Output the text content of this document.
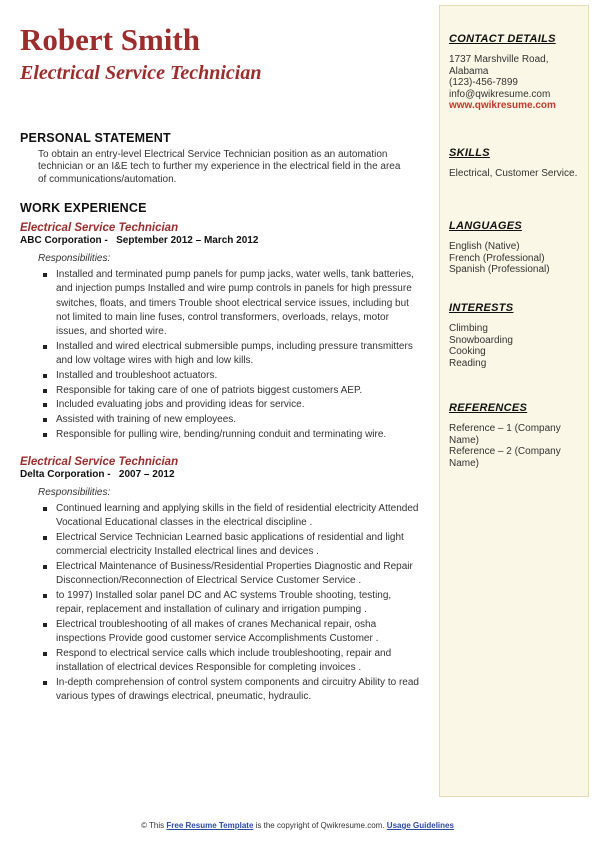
Robert Smith
Electrical Service Technician
PERSONAL STATEMENT

To obtain an entry-level Electrical Service Technician position as an automation technician or an I&E tech to further my experience in the electrical field in the area of communications/automation.

WORK EXPERIENCE
Electrical Service Technician
ABC Corporation - September 2012 – March 2012
Responsibilities:
Installed and terminated pump panels for pump jacks, water wells, tank batteries, and injection pumps Installed and wire pump controls in panels for high pressure switches, floats, and timers Trouble shoot electrical service issues, including but not limited to main line fuses, control transformers, overloads, relays, motor issues, and shorted wire.
Installed and wired electrical submersible pumps, including pressure transmitters and low voltage wires with high and low kills.
Installed and troubleshoot actuators.
Responsible for taking care of one of patriots biggest customers AEP.
Included evaluating jobs and providing ideas for service.
Assisted with training of new employees.
Responsible for pulling wire, bending/running conduit and terminating wire.
Electrical Service Technician
Delta Corporation - 2007 – 2012
Responsibilities:
Continued learning and applying skills in the field of residential electricity Attended Vocational Educational classes in the electrical discipline .
Electrical Service Technician Learned basic applications of residential and light commercial electricity Installed electrical lines and devices .
Electrical Maintenance of Business/Residential Properties Diagnostic and Repair Disconnection/Reconnection of Electrical Service Customer Service .
to 1997) Installed solar panel DC and AC systems Trouble shooting, testing, repair, replacement and installation of culinary and irrigation pumping .
Electrical troubleshooting of all makes of cranes Mechanical repair, osha inspections Provide good customer service Accomplishments Customer .
Respond to electrical service calls which include troubleshooting, repair and installation of electrical devices Responsible for completing invoices .
In-depth comprehension of control system components and circuitry Ability to read various types of drawings electrical, pneumatic, hydraulic.
CONTACT DETAILS
1737 Marshville Road, Alabama
(123)-456-7899
info@qwikresume.com
www.qwikresume.com
SKILLS
Electrical, Customer Service.
LANGUAGES
English (Native)
French (Professional)
Spanish (Professional)
INTERESTS
Climbing
Snowboarding
Cooking
Reading
REFERENCES
Reference – 1 (Company Name)
Reference – 2 (Company Name)
© This Free Resume Template is the copyright of Qwikresume.com. Usage Guidelines
